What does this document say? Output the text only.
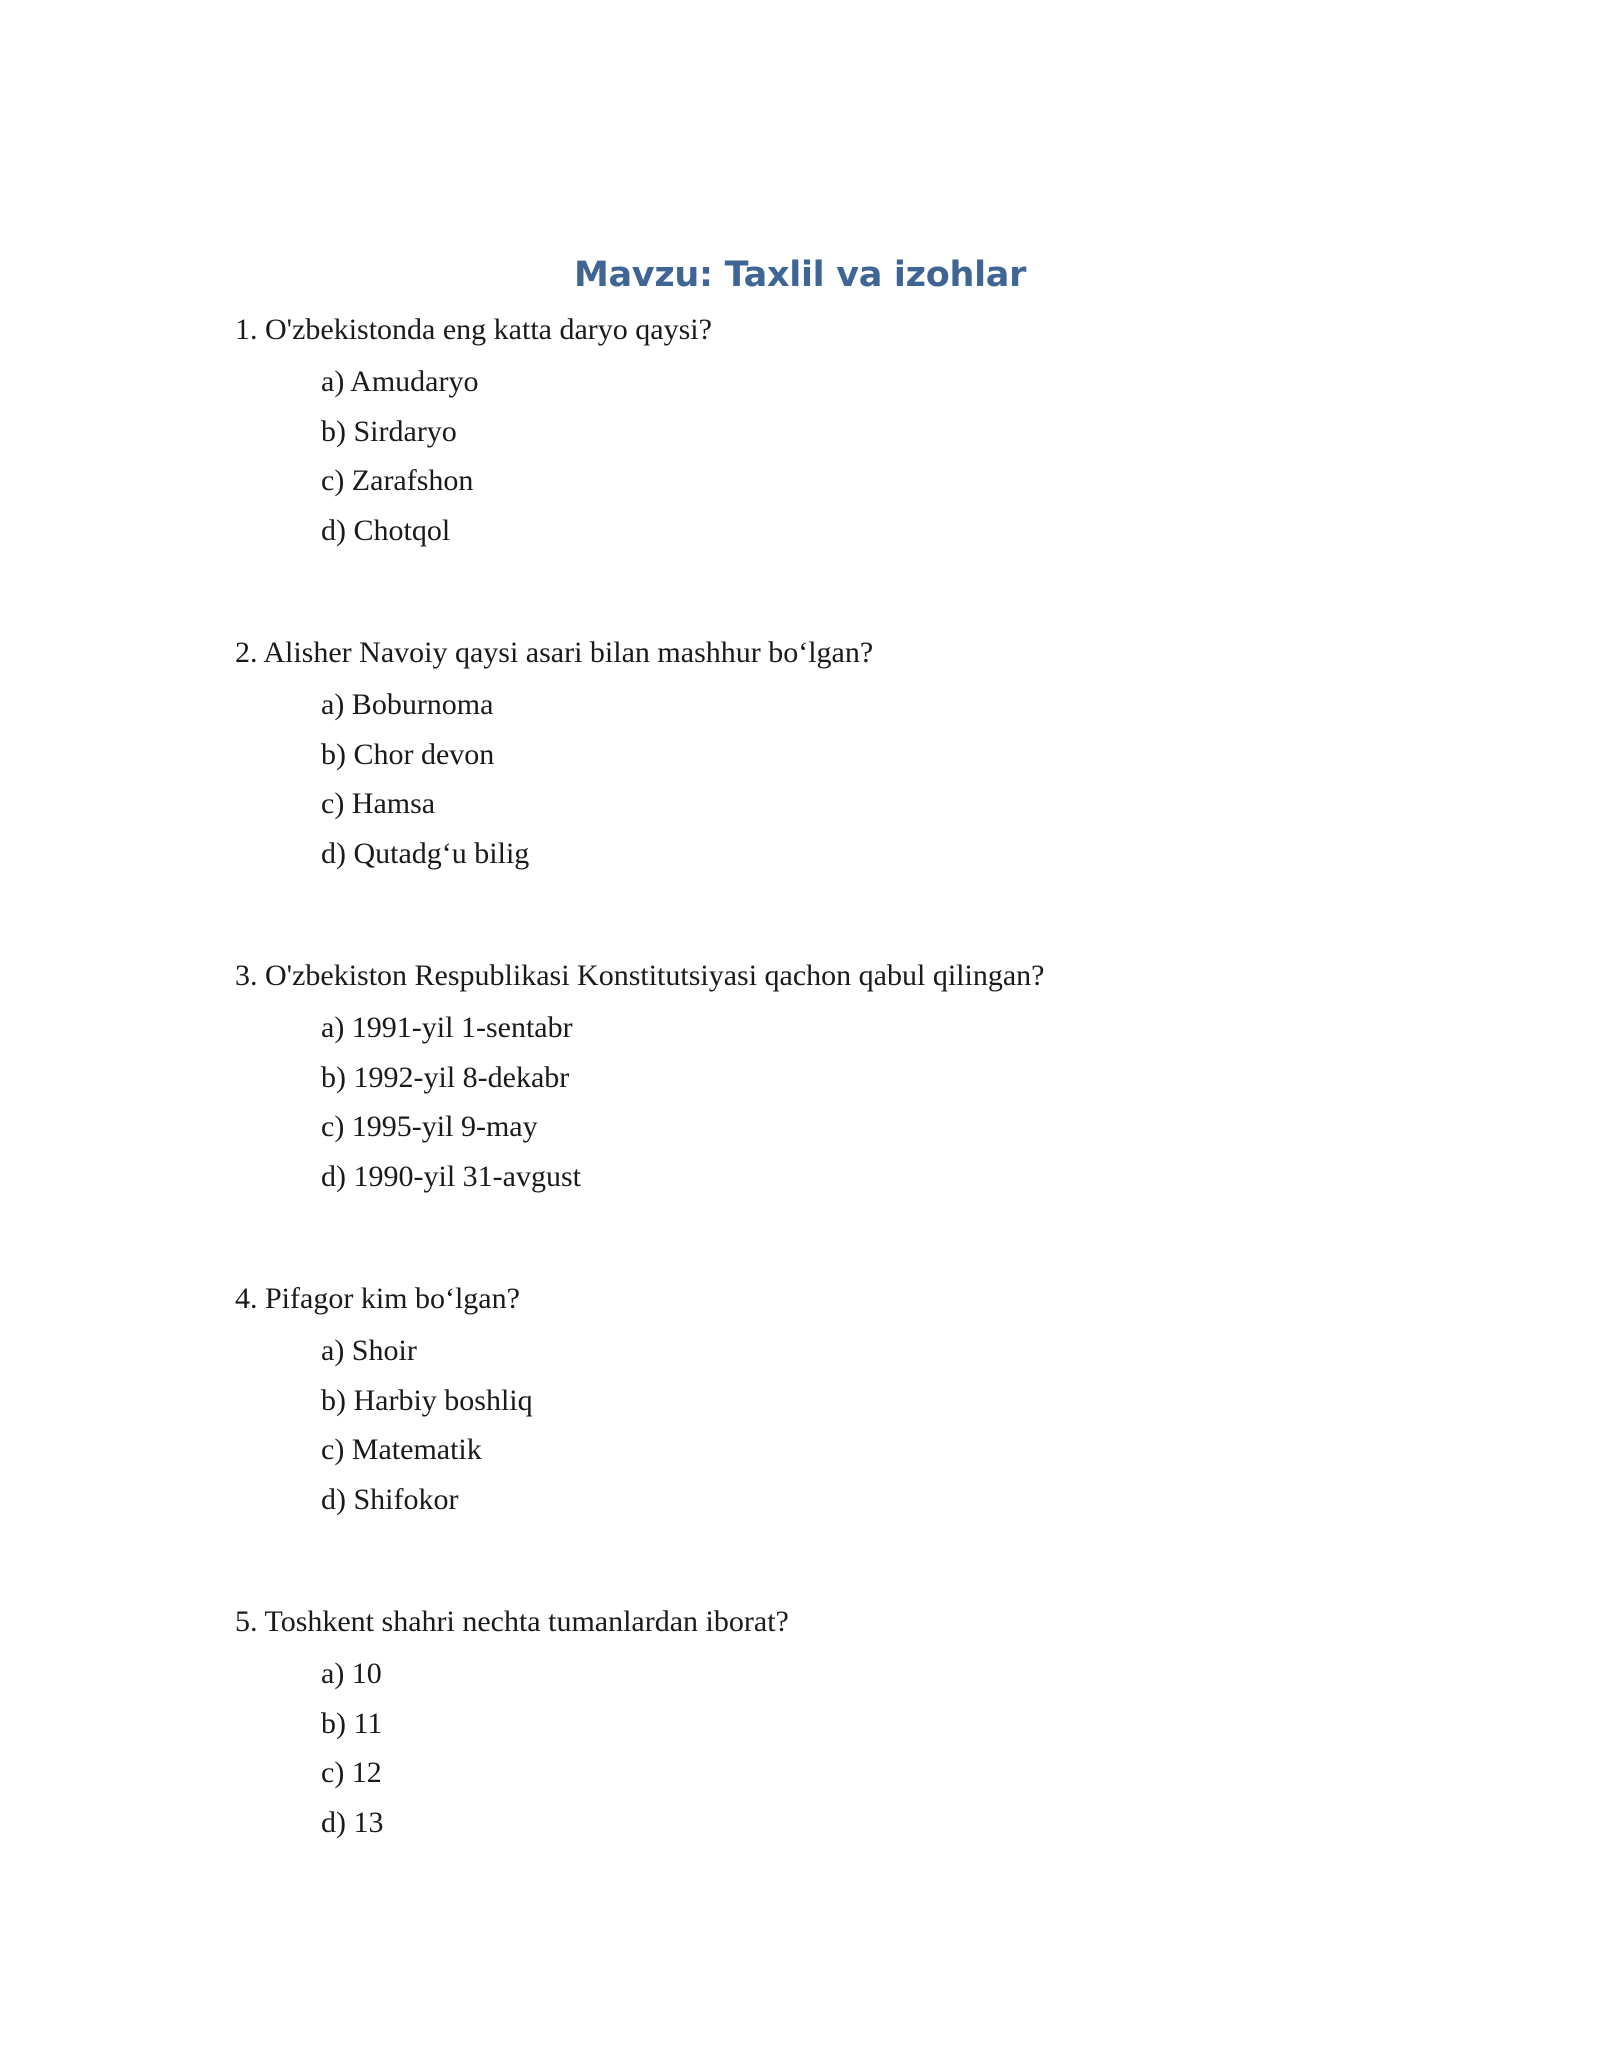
Mavzu: Taxlil va izohlar
1. O'zbekistonda eng katta daryo qaysi?
a) Amudaryo
b) Sirdaryo
c) Zarafshon
d) Chotqol
2. Alisher Navoiy qaysi asari bilan mashhur bo‘lgan?
a) Boburnoma
b) Chor devon
c) Hamsa
d) Qutadg‘u bilig
3. O'zbekiston Respublikasi Konstitutsiyasi qachon qabul qilingan?
a) 1991-yil 1-sentabr
b) 1992-yil 8-dekabr
c) 1995-yil 9-may
d) 1990-yil 31-avgust
4. Pifagor kim bo‘lgan?
a) Shoir
b) Harbiy boshliq
c) Matematik
d) Shifokor
5. Toshkent shahri nechta tumanlardan iborat?
a) 10
b) 11
c) 12
d) 13
